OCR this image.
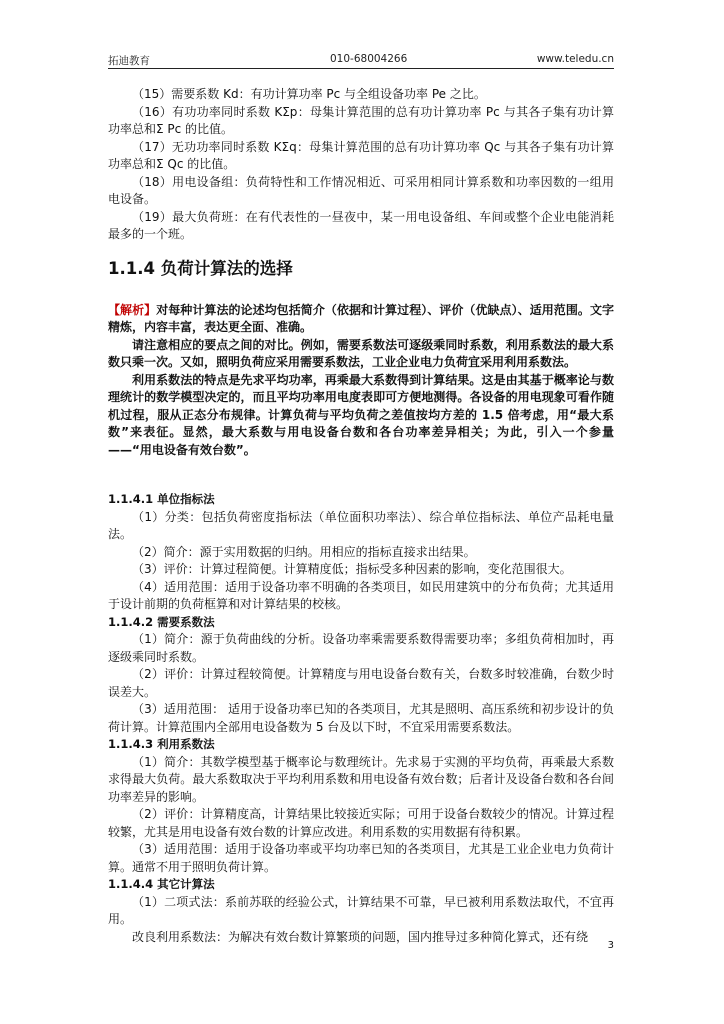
拓迪教育	010-68004266	www.teledu.cn

（15）需要系数 Kd：有功计算功率 Pc 与全组设备功率 Pe 之比。

（16）有功功率同时系数 KΣp：母集计算范围的总有功计算功率 Pc 与其各子集有功计算功率总和Σ Pc 的比值。

（17）无功功率同时系数 KΣq：母集计算范围的总有功计算功率 Qc 与其各子集有功计算功率总和Σ Qc 的比值。

（18）用电设备组：负荷特性和工作情况相近、可采用相同计算系数和功率因数的一组用电设备。

（19）最大负荷班：在有代表性的一昼夜中，某一用电设备组、车间或整个企业电能消耗最多的一个班。

1.1.4 负荷计算法的选择

【解析】对每种计算法的论述均包括简介（依据和计算过程）、评价（优缺点）、适用范围。文字精炼，内容丰富，表达更全面、准确。

请注意相应的要点之间的对比。例如，需要系数法可逐级乘同时系数，利用系数法的最大系数只乘一次。又如，照明负荷应采用需要系数法，工业企业电力负荷宜采用利用系数法。

利用系数法的特点是先求平均功率，再乘最大系数得到计算结果。这是由其基于概率论与数理统计的数学模型决定的，而且平均功率用电度表即可方便地测得。各设备的用电现象可看作随机过程，服从正态分布规律。计算负荷与平均负荷之差值按均方差的 1.5 倍考虑，用“最大系数”来表征。显然，最大系数与用电设备台数和各台功率差异相关；为此，引入一个参量——“用电设备有效台数”。

1.1.4.1 单位指标法

（1）分类：包括负荷密度指标法（单位面积功率法）、综合单位指标法、单位产品耗电量法。

（2）简介：源于实用数据的归纳。用相应的指标直接求出结果。

（3）评价：计算过程简便。计算精度低；指标受多种因素的影响，变化范围很大。

（4）适用范围：适用于设备功率不明确的各类项目，如民用建筑中的分布负荷；尤其适用于设计前期的负荷框算和对计算结果的校核。

1.1.4.2 需要系数法

（1）简介：源于负荷曲线的分析。设备功率乘需要系数得需要功率；多组负荷相加时，再逐级乘同时系数。

（2）评价：计算过程较简便。计算精度与用电设备台数有关，台数多时较准确，台数少时误差大。

（3）适用范围： 适用于设备功率已知的各类项目，尤其是照明、高压系统和初步设计的负荷计算。计算范围内全部用电设备数为 5 台及以下时，不宜采用需要系数法。

1.1.4.3 利用系数法

（1）简介：其数学模型基于概率论与数理统计。先求易于实测的平均负荷，再乘最大系数求得最大负荷。最大系数取决于平均利用系数和用电设备有效台数；后者计及设备台数和各台间功率差异的影响。

（2）评价：计算精度高，计算结果比较接近实际；可用于设备台数较少的情况。计算过程较繁，尤其是用电设备有效台数的计算应改进。利用系数的实用数据有待积累。

（3）适用范围：适用于设备功率或平均功率已知的各类项目，尤其是工业企业电力负荷计算。通常不用于照明负荷计算。

1.1.4.4 其它计算法

（1）二项式法：系前苏联的经验公式，计算结果不可靠，早已被利用系数法取代，不宜再用。

改良利用系数法：为解决有效台数计算繁琐的问题，国内推导过多种简化算式，还有绕

3
